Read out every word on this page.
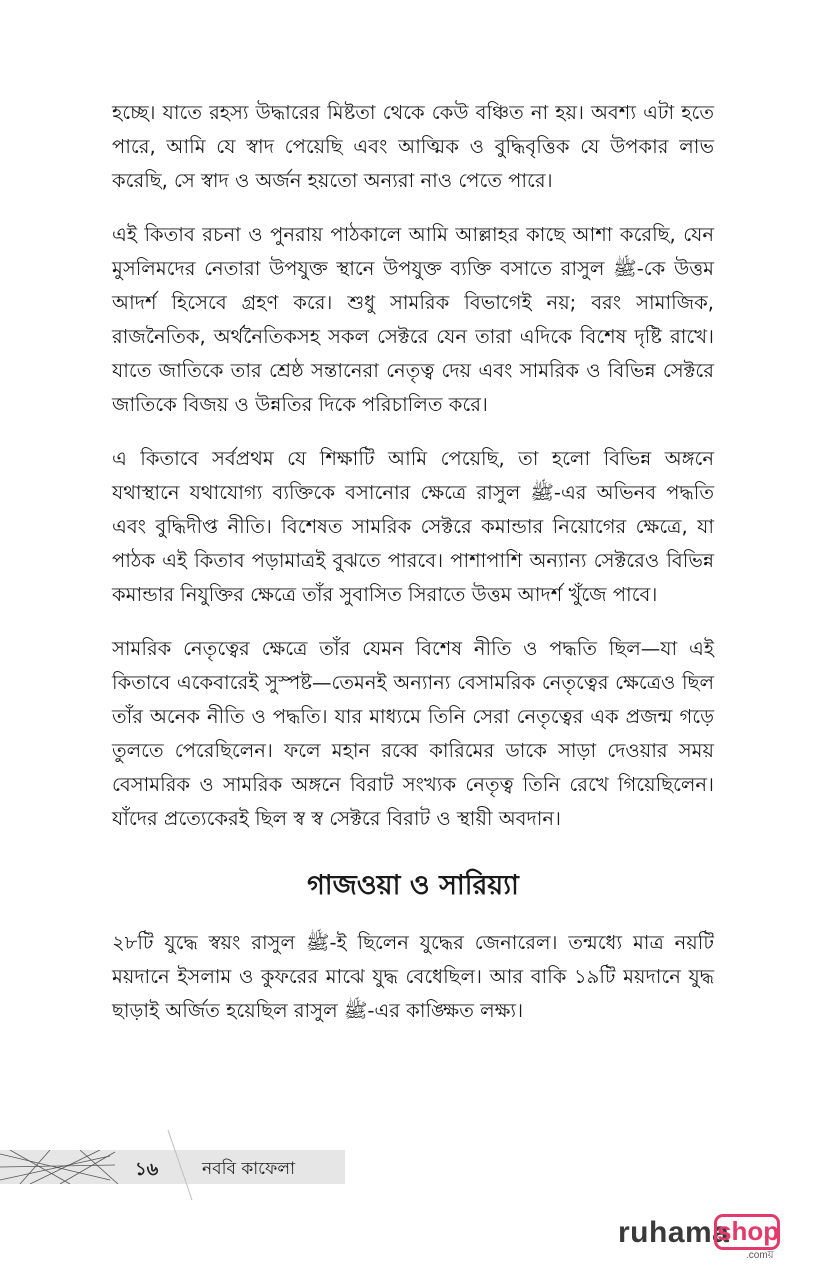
হচ্ছে। যাতে রহস্য উদ্ধারের মিষ্টতা থেকে কেউ বঞ্চিত না হয়। অবশ্য এটা হতে পারে, আমি যে স্বাদ পেয়েছি এবং আত্মিক ও বুদ্ধিবৃত্তিক যে উপকার লাভ করেছি, সে স্বাদ ও অর্জন হয়তো অন্যরা নাও পেতে পারে।

এই কিতাব রচনা ও পুনরায় পাঠকালে আমি আল্লাহর কাছে আশা করেছি, যেন মুসলিমদের নেতারা উপযুক্ত স্থানে উপযুক্ত ব্যক্তি বসাতে রাসুল ﷺ-কে উত্তম আদর্শ হিসেবে গ্রহণ করে। শুধু সামরিক বিভাগেই নয়; বরং সামাজিক, রাজনৈতিক, অর্থনৈতিকসহ সকল সেক্টরে যেন তারা এদিকে বিশেষ দৃষ্টি রাখে। যাতে জাতিকে তার শ্রেষ্ঠ সন্তানেরা নেতৃত্ব দেয় এবং সামরিক ও বিভিন্ন সেক্টরে জাতিকে বিজয় ও উন্নতির দিকে পরিচালিত করে।

এ কিতাবে সর্বপ্রথম যে শিক্ষাটি আমি পেয়েছি, তা হলো বিভিন্ন অঙ্গনে যথাস্থানে যথাযোগ্য ব্যক্তিকে বসানোর ক্ষেত্রে রাসুল ﷺ-এর অভিনব পদ্ধতি এবং বুদ্ধিদীপ্ত নীতি। বিশেষত সামরিক সেক্টরে কমান্ডার নিয়োগের ক্ষেত্রে, যা পাঠক এই কিতাব পড়ামাত্রই বুঝতে পারবে। পাশাপাশি অন্যান্য সেক্টরেও বিভিন্ন কমান্ডার নিযুক্তির ক্ষেত্রে তাঁর সুবাসিত সিরাতে উত্তম আদর্শ খুঁজে পাবে।

সামরিক নেতৃত্বের ক্ষেত্রে তাঁর যেমন বিশেষ নীতি ও পদ্ধতি ছিল—যা এই কিতাবে একেবারেই সুস্পষ্ট—তেমনই অন্যান্য বেসামরিক নেতৃত্বের ক্ষেত্রেও ছিল তাঁর অনেক নীতি ও পদ্ধতি। যার মাধ্যমে তিনি সেরা নেতৃত্বের এক প্রজন্ম গড়ে তুলতে পেরেছিলেন। ফলে মহান রব্বে কারিমের ডাকে সাড়া দেওয়ার সময় বেসামরিক ও সামরিক অঙ্গনে বিরাট সংখ্যক নেতৃত্ব তিনি রেখে গিয়েছিলেন। যাঁদের প্রত্যেকেরই ছিল স্ব স্ব সেক্টরে বিরাট ও স্থায়ী অবদান।

গাজওয়া ও সারিয়্যা

২৮টি যুদ্ধে স্বয়ং রাসুল ﷺ-ই ছিলেন যুদ্ধের জেনারেল। তন্মধ্যে মাত্র নয়টি ময়দানে ইসলাম ও কুফরের মাঝে যুদ্ধ বেধেছিল। আর বাকি ১৯টি ময়দানে যুদ্ধ ছাড়াই অর্জিত হয়েছিল রাসুল ﷺ-এর কাঙ্ক্ষিত লক্ষ্য।

১৬	নববি কাফেলা
ruhama
shop
.comয়
